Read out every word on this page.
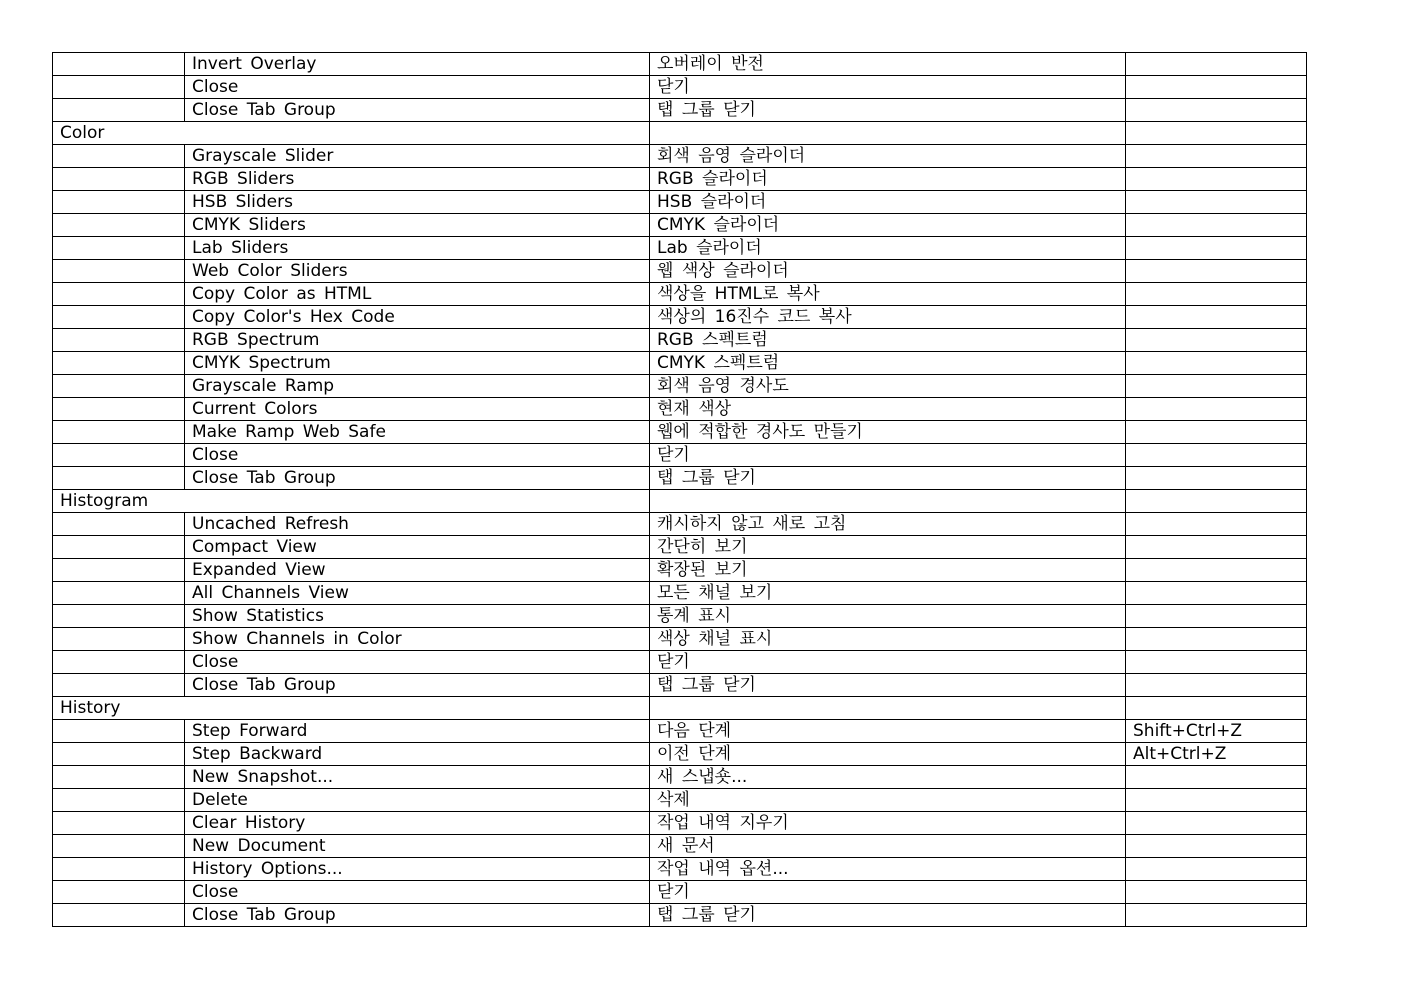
	Invert Overlay	오버레이 반전	
	Close	닫기	
	Close Tab Group	탭 그룹 닫기	
Color			
	Grayscale Slider	회색 음영 슬라이더	
	RGB Sliders	RGB 슬라이더	
	HSB Sliders	HSB 슬라이더	
	CMYK Sliders	CMYK 슬라이더	
	Lab Sliders	Lab 슬라이더	
	Web Color Sliders	웹 색상 슬라이더	
	Copy Color as HTML	색상을 HTML로 복사	
	Copy Color's Hex Code	색상의 16진수 코드 복사	
	RGB Spectrum	RGB 스펙트럼	
	CMYK Spectrum	CMYK 스펙트럼	
	Grayscale Ramp	회색 음영 경사도	
	Current Colors	현재 색상	
	Make Ramp Web Safe	웹에 적합한 경사도 만들기	
	Close	닫기	
	Close Tab Group	탭 그룹 닫기	
Histogram			
	Uncached Refresh	캐시하지 않고 새로 고침	
	Compact View	간단히 보기	
	Expanded View	확장된 보기	
	All Channels View	모든 채널 보기	
	Show Statistics	통계 표시	
	Show Channels in Color	색상 채널 표시	
	Close	닫기	
	Close Tab Group	탭 그룹 닫기	
History			
	Step Forward	다음 단계	Shift+Ctrl+Z
	Step Backward	이전 단계	Alt+Ctrl+Z
	New Snapshot...	새 스냅숏...	
	Delete	삭제	
	Clear History	작업 내역 지우기	
	New Document	새 문서	
	History Options...	작업 내역 옵션...	
	Close	닫기	
	Close Tab Group	탭 그룹 닫기	
